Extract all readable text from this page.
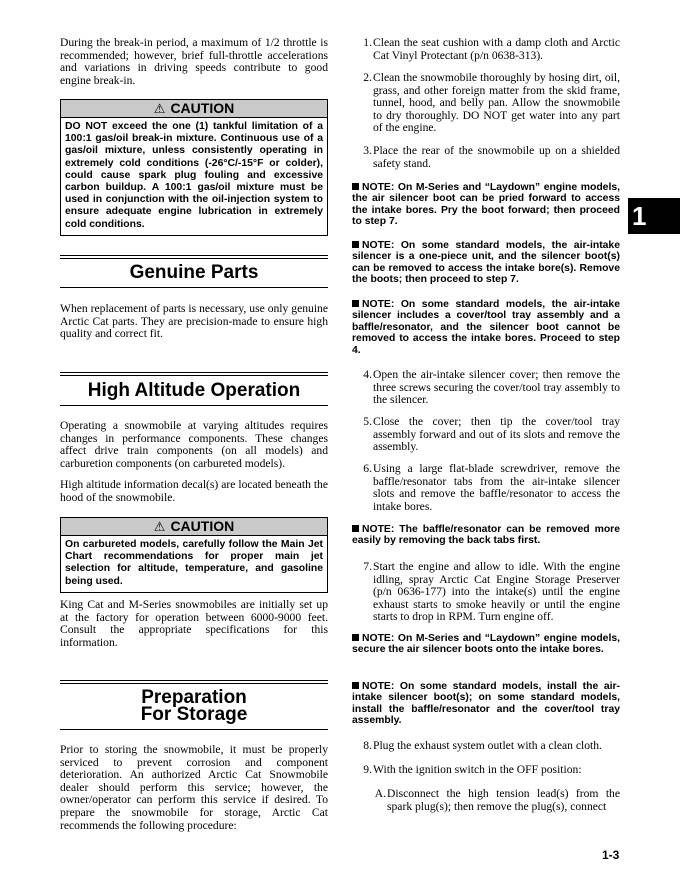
During the break-in period, a maximum of 1/2 throttle is recommended; however, brief full-throttle accelerations and variations in driving speeds contribute to good engine break-in.

⚠ CAUTION
DO NOT exceed the one (1) tankful limitation of a 100:1 gas/oil break-in mixture. Continuous use of a gas/oil mixture, unless consistently operating in extremely cold conditions (-26°C/-15°F or colder), could cause spark plug fouling and excessive carbon buildup. A 100:1 gas/oil mixture must be used in conjunction with the oil-injection system to ensure adequate engine lubrication in extremely cold conditions.
Genuine Parts

When replacement of parts is necessary, use only genuine Arctic Cat parts. They are precision-made to ensure high quality and correct fit.

High Altitude Operation

Operating a snowmobile at varying altitudes requires changes in performance components. These changes affect drive train components (on all models) and carburetion components (on carbureted models).

High altitude information decal(s) are located beneath the hood of the snowmobile.

⚠ CAUTION
On carbureted models, carefully follow the Main Jet Chart recommendations for proper main jet selection for altitude, temperature, and gasoline being used.

King Cat and M-Series snowmobiles are initially set up at the factory for operation between 6000-9000 feet. Consult the appropriate specifications for this information.

Preparation
For Storage

Prior to storing the snowmobile, it must be properly serviced to prevent corrosion and component deterioration. An authorized Arctic Cat Snowmobile dealer should perform this service; however, the owner/operator can perform this service if desired. To prepare the snowmobile for storage, Arctic Cat recommends the following procedure:

1. Clean the seat cushion with a damp cloth and Arctic Cat Vinyl Protectant (p/n 0638-313).
2. Clean the snowmobile thoroughly by hosing dirt, oil, grass, and other foreign matter from the skid frame, tunnel, hood, and belly pan. Allow the snowmobile to dry thoroughly. DO NOT get water into any part of the engine.
3. Place the rear of the snowmobile up on a shielded safety stand.
NOTE: On M-Series and “Laydown” engine models, the air silencer boot can be pried forward to access the intake bores. Pry the boot forward; then proceed to step 7.
NOTE: On some standard models, the air-intake silencer is a one-piece unit, and the silencer boot(s) can be removed to access the intake bore(s). Remove the boots; then proceed to step 7.
NOTE: On some standard models, the air-intake silencer includes a cover/tool tray assembly and a baffle/resonator, and the silencer boot cannot be removed to access the intake bores. Proceed to step 4.
4. Open the air-intake silencer cover; then remove the three screws securing the cover/tool tray assembly to the silencer.
5. Close the cover; then tip the cover/tool tray assembly forward and out of its slots and remove the assembly.
6. Using a large flat-blade screwdriver, remove the baffle/resonator tabs from the air-intake silencer slots and remove the baffle/resonator to access the intake bores.
NOTE: The baffle/resonator can be removed more easily by removing the back tabs first.
7. Start the engine and allow to idle. With the engine idling, spray Arctic Cat Engine Storage Preserver (p/n 0636-177) into the intake(s) until the engine exhaust starts to smoke heavily or until the engine starts to drop in RPM. Turn engine off.
NOTE: On M-Series and “Laydown” engine models, secure the air silencer boots onto the intake bores.
NOTE: On some standard models, install the air-intake silencer boot(s); on some standard models, install the baffle/resonator and the cover/tool tray assembly.
8. Plug the exhaust system outlet with a clean cloth.
9. With the ignition switch in the OFF position:
A. Disconnect the high tension lead(s) from the spark plug(s); then remove the plug(s), connect
1
1-3
